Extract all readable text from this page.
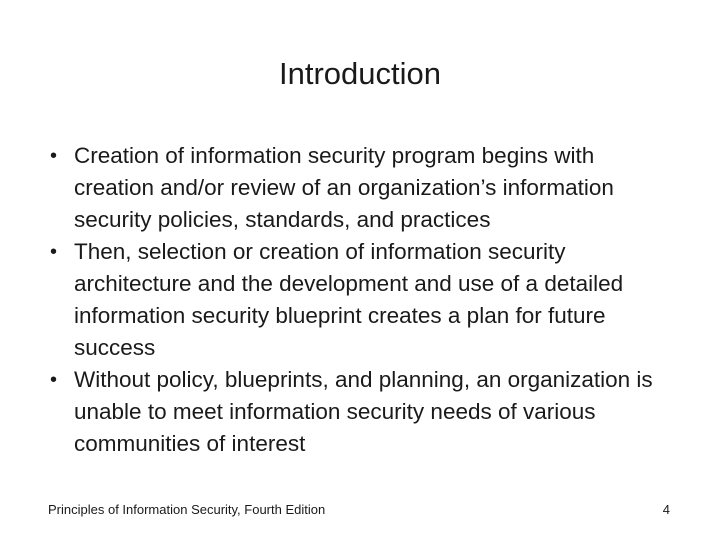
Introduction
• Creation of information security program begins with creation and/or review of an organization’s information security policies, standards, and practices
• Then, selection or creation of information security architecture and the development and use of a detailed information security blueprint creates a plan for future success
• Without policy, blueprints, and planning, an organization is unable to meet information security needs of various communities of interest
Principles of Information Security, Fourth Edition	4
